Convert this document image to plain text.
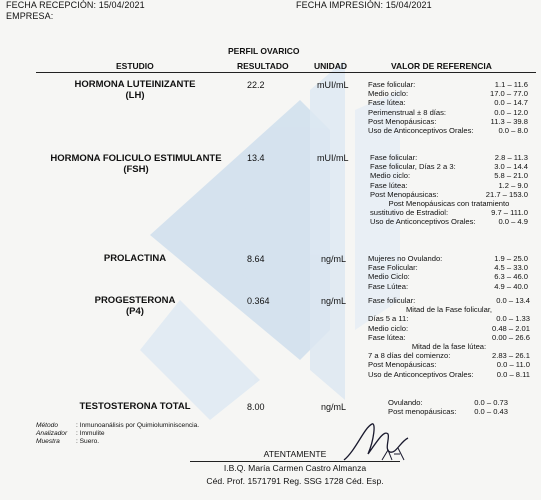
FECHA RECEPCIÓN: 15/04/2021
EMPRESA:
FECHA IMPRESIÓN: 15/04/2021
PERFIL OVARICO
ESTUDIO	RESULTADO	UNIDAD	VALOR DE REFERENCIA
HORMONA LUTEINIZANTE
(LH)
22.2	mUI/mL	Fase folicular:	1.1 – 11.6
Medio ciclo:	17.0 – 77.0
Fase lútea:	0.0 – 14.7
Perimenstrual ± 8 días:	0.0 – 12.0
Post Menopáusicas:	11.3 – 39.8
Uso de Anticonceptivos Orales:	0.0 – 8.0
HORMONA FOLICULO ESTIMULANTE
(FSH)
13.4	mUI/mL	Fase folicular:	2.8 – 11.3
Fase folicular, Días 2 a 3:	3.0 – 14.4
Medio ciclo:	5.8 – 21.0
Fase lútea:	1.2 – 9.0
Post Menopáusicas:	21.7 – 153.0
Post Menopáusicas con tratamiento
sustitutivo de Estradiol:	9.7 – 111.0
Uso de Anticonceptivos Orales:	0.0 – 4.9
PROLACTINA	8.64	ng/mL	Mujeres no Ovulando:	1.9 – 25.0
Fase Folicular:	4.5 – 33.0
Medio Ciclo:	6.3 – 46.0
Fase Lútea:	4.9 – 40.0
PROGESTERONA
(P4)
0.364	ng/mL	Fase folicular:	0.0 – 13.4
Mitad de la Fase folicular,
Días 5 a 11:	0.0 – 1.33
Medio ciclo:	0.48 – 2.01
Fase lútea:	0.00 – 26.6
Mitad de la fase lútea:
7 a 8 días del comienzo:	2.83 – 26.1
Post Menopáusicas:	0.0 – 11.0
Uso de Anticonceptivos Orales:	0.0 – 8.11
TESTOSTERONA TOTAL	8.00	ng/mL	Ovulando:	0.0 – 0.73
Post menopáusicas: 0.0 – 0.43
Método	: Inmunoanálisis por Quimioluminiscencia.
Analizador : Immulite
Muestra : Suero.
ATENTAMENTE
I.B.Q. María Carmen Castro Almanza
Céd. Prof. 1571791 Reg. SSG 1728 Céd. Esp.
